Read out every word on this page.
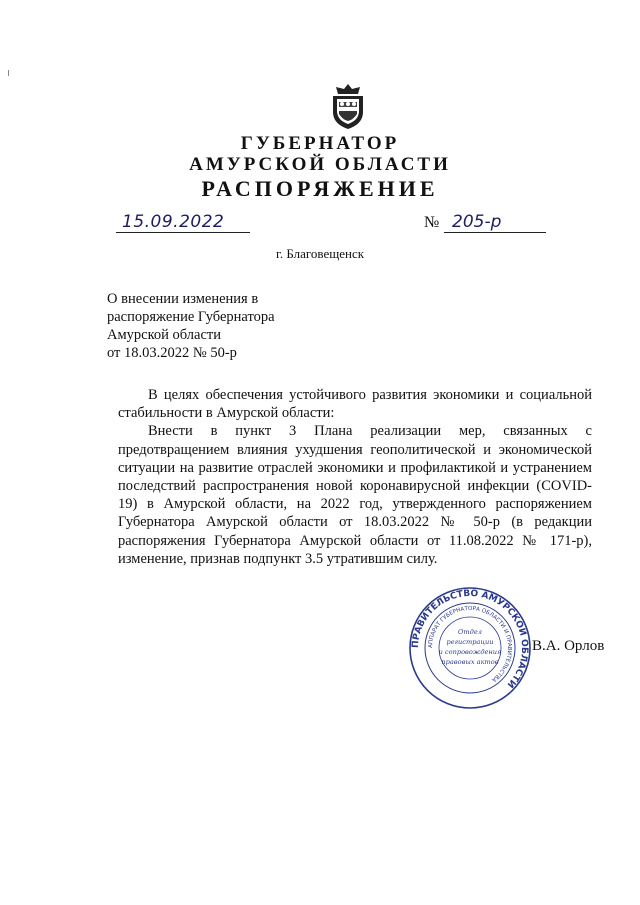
ГУБЕРНАТОР
АМУРСКОЙ ОБЛАСТИ
РАСПОРЯЖЕНИЕ
15.09.2022	№ 205-р
г. Благовещенск
О внесении изменения в
распоряжение Губернатора
Амурской области
от 18.03.2022 № 50-р

В целях обеспечения устойчивого развития экономики и социальной стабильности в Амурской области:

Внести в пункт 3 Плана реализации мер, связанных с предотвращением влияния ухудшения геополитической и экономической ситуации на развитие отраслей экономики и профилактикой и устранением последствий распространения новой коронавирусной инфекции (COVID-19) в Амурской области, на 2022 год, утвержденного распоряжением Губернатора Амурской области от 18.03.2022 № 50-р (в редакции распоряжения Губернатора Амурской области от 11.08.2022 № 171-р), изменение, признав подпункт 3.5 утратившим силу.

ПРАВИТЕЛЬСТВО АМУРСКОЙ ОБЛАСТИ
АППАРАТ ГУБЕРНАТОРА ОБЛАСТИ И ПРАВИТЕЛЬСТВА
Отдел
регистрации
и сопровождения
правовых актов
В.А. Орлов
